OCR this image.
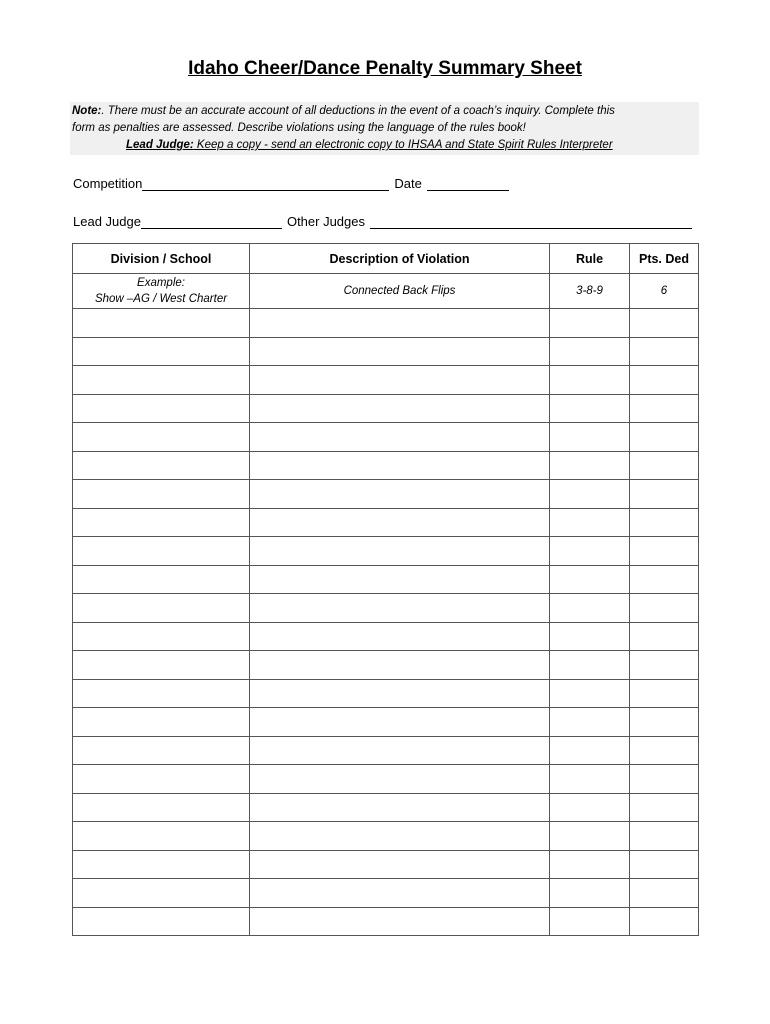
Idaho Cheer/Dance Penalty Summary Sheet
Note:. There must be an accurate account of all deductions in the event of a coach’s inquiry. Complete this
form as penalties are assessed. Describe violations using the language of the rules book!
Lead Judge: Keep a copy - send an electronic copy to IHSAA and State Spirit Rules Interpreter
Competition	Date
Lead Judge	Other Judges
Division / School	Description of Violation	Rule	Pts. Ded

Example:
Show –AG / West Charter	Connected Back Flips	3-8-9	6
